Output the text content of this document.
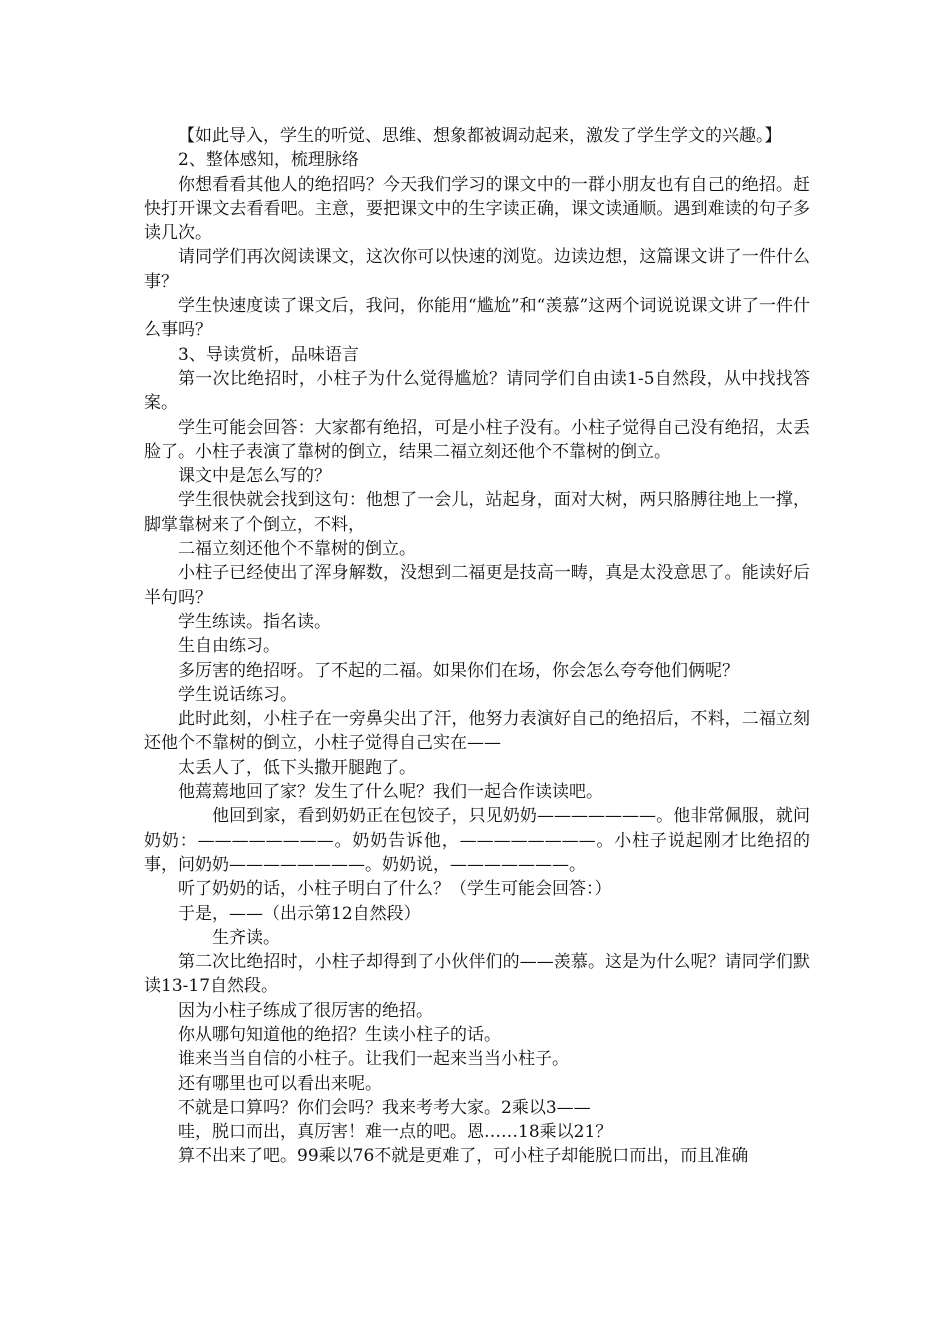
【如此导入，学生的听觉、思维、想象都被调动起来，激发了学生学文的兴趣。】

2、整体感知，梳理脉络

你想看看其他人的绝招吗？今天我们学习的课文中的一群小朋友也有自己的绝招。赶快打开课文去看看吧。主意，要把课文中的生字读正确，课文读通顺。遇到难读的句子多读几次。

请同学们再次阅读课文，这次你可以快速的浏览。边读边想，这篇课文讲了一件什么事？

学生快速度读了课文后，我问，你能用“尴尬”和“羡慕”这两个词说说课文讲了一件什么事吗？

3、导读赏析，品味语言

第一次比绝招时，小柱子为什么觉得尴尬？请同学们自由读1-5自然段，从中找找答案。

学生可能会回答：大家都有绝招，可是小柱子没有。小柱子觉得自己没有绝招，太丢脸了。小柱子表演了靠树的倒立，结果二福立刻还他个不靠树的倒立。

课文中是怎么写的？

学生很快就会找到这句：他想了一会儿，站起身，面对大树，两只胳膊往地上一撑，脚掌靠树来了个倒立，不料，

二福立刻还他个不靠树的倒立。

小柱子已经使出了浑身解数，没想到二福更是技高一畴，真是太没意思了。能读好后半句吗？

学生练读。指名读。

生自由练习。

多厉害的绝招呀。了不起的二福。如果你们在场，你会怎么夸夸他们俩呢？

学生说话练习。

此时此刻，小柱子在一旁鼻尖出了汗，他努力表演好自己的绝招后，不料，二福立刻还他个不靠树的倒立，小柱子觉得自己实在——

太丢人了，低下头撒开腿跑了。

他蔫蔫地回了家？发生了什么呢？我们一起合作读读吧。

他回到家，看到奶奶正在包饺子，只见奶奶———————。他非常佩服，就问奶奶：————————。奶奶告诉他，————————。小柱子说起刚才比绝招的事，问奶奶————————。奶奶说，———————。

听了奶奶的话，小柱子明白了什么？（学生可能会回答：）

于是，——（出示第12自然段）

生齐读。

第二次比绝招时，小柱子却得到了小伙伴们的——羡慕。这是为什么呢？请同学们默读13-17自然段。

因为小柱子练成了很厉害的绝招。

你从哪句知道他的绝招？生读小柱子的话。

谁来当当自信的小柱子。让我们一起来当当小柱子。

还有哪里也可以看出来呢。

不就是口算吗？你们会吗？我来考考大家。2乘以3——

哇，脱口而出，真厉害！难一点的吧。恩……18乘以21？

算不出来了吧。99乘以76不就是更难了，可小柱子却能脱口而出，而且准确
